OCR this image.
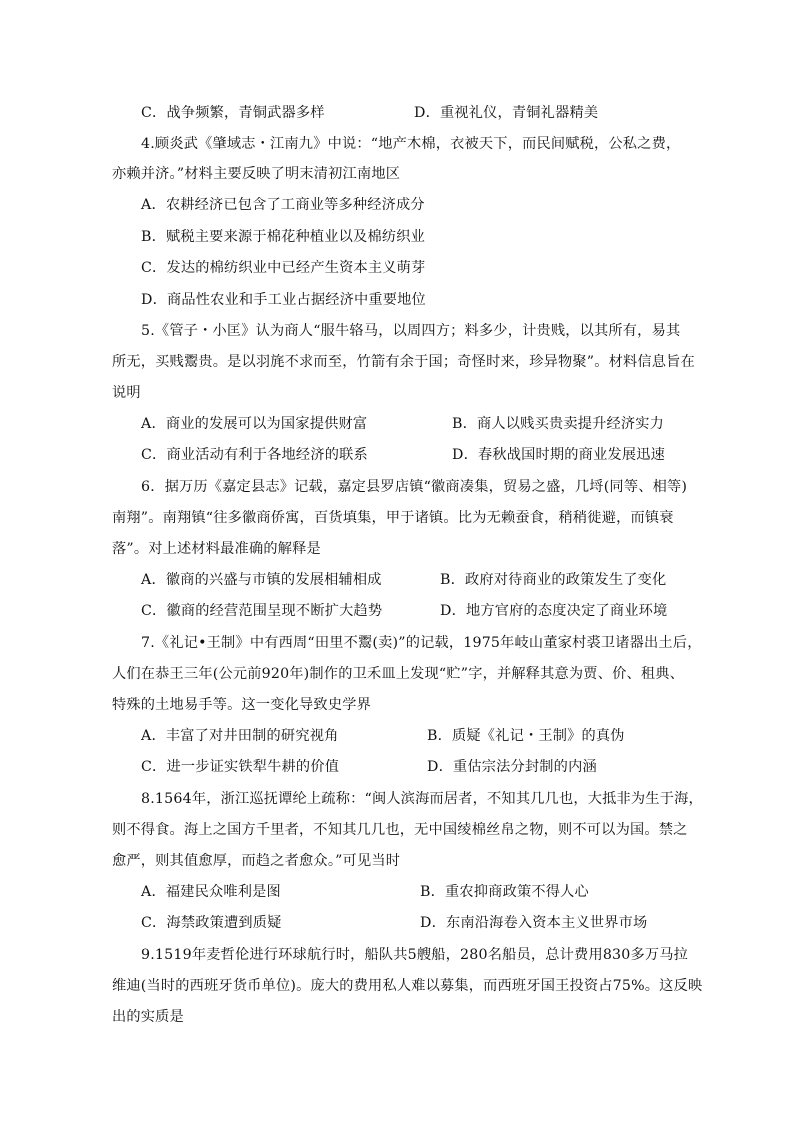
C．战争频繁，青铜武器多样	D．重视礼仪，青铜礼器精美
4.顾炎武《肇域志・江南九》中说：“地产木棉，衣被天下，而民间赋税，公私之费，
亦赖并济。”材料主要反映了明末清初江南地区
A．农耕经济已包含了工商业等多种经济成分
B．赋税主要来源于棉花种植业以及棉纺织业
C．发达的棉纺织业中已经产生资本主义萌芽
D．商品性农业和手工业占据经济中重要地位
5.《管子・小匡》认为商人“服牛辂马，以周四方；料多少，计贵贱，以其所有，易其
所无，买贱鬻贵。是以羽旄不求而至，竹箭有余于国；奇怪时来，珍异物聚”。材料信息旨在
说明
A．商业的发展可以为国家提供财富	B．商人以贱买贵卖提升经济实力
C．商业活动有利于各地经济的联系	D．春秋战国时期的商业发展迅速
6．据万历《嘉定县志》记载，嘉定县罗店镇“徽商凑集，贸易之盛，几埒(同等、相等)
南翔”。南翔镇“往多徽商侨寓，百货填集，甲于诸镇。比为无赖蚕食，稍稍徙避，而镇衰
落”。对上述材料最准确的解释是
A．徽商的兴盛与市镇的发展相辅相成	B．政府对待商业的政策发生了变化
C．徽商的经营范围呈现不断扩大趋势	D．地方官府的态度决定了商业环境
7.《礼记•王制》中有西周“田里不鬻(卖)”的记载，1975年岐山董家村裘卫诸器出土后，
人们在恭王三年(公元前920年)制作的卫禾皿上发现“贮”字，并解释其意为贾、价、租典、
特殊的土地易手等。这一变化导致史学界
A．丰富了对井田制的研究视角	B．质疑《礼记・王制》的真伪
C．进一步证实铁犁牛耕的价值	D．重估宗法分封制的内涵
8.1564年，浙江巡抚谭纶上疏称：“闽人滨海而居者，不知其几几也，大抵非为生于海，
则不得食。海上之国方千里者，不知其几几也，无中国绫棉丝帛之物，则不可以为国。禁之
愈严，则其值愈厚，而趋之者愈众。”可见当时
A．福建民众唯利是图	B．重农抑商政策不得人心
C．海禁政策遭到质疑	D．东南沿海卷入资本主义世界市场
9.1519年麦哲伦进行环球航行时，船队共5艘船，280名船员，总计费用830多万马拉
维迪(当时的西班牙货币单位)。庞大的费用私人难以募集，而西班牙国王投资占75%。这反映
出的实质是
